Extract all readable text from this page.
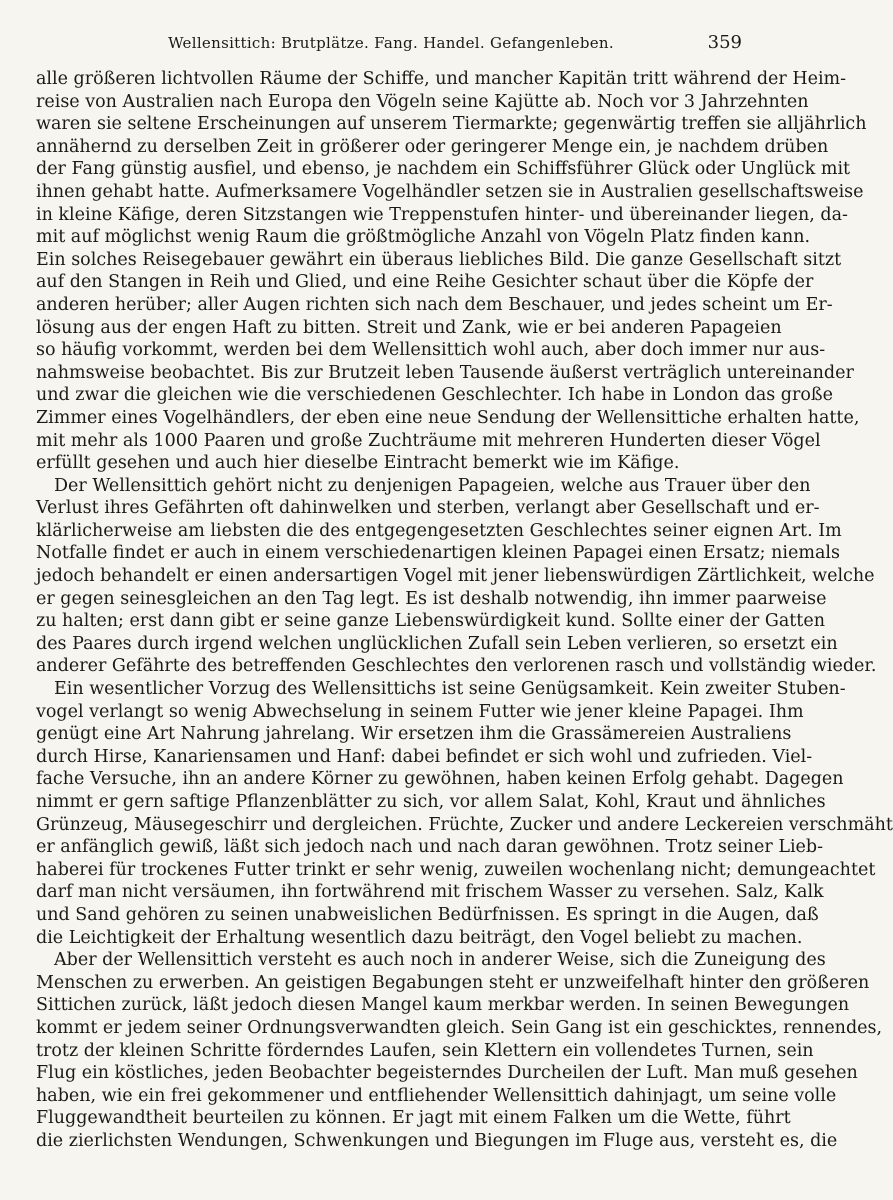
Wellensittich: Brutplätze. Fang. Handel. Gefangenleben.	359

alle größeren lichtvollen Räume der Schiffe, und mancher Kapitän tritt während der Heim-
reise von Australien nach Europa den Vögeln seine Kajütte ab. Noch vor 3 Jahrzehnten
waren sie seltene Erscheinungen auf unserem Tiermarkte; gegenwärtig treffen sie alljährlich
annähernd zu derselben Zeit in größerer oder geringerer Menge ein, je nachdem drüben
der Fang günstig ausfiel, und ebenso, je nachdem ein Schiffsführer Glück oder Unglück mit
ihnen gehabt hatte. Aufmerksamere Vogelhändler setzen sie in Australien gesellschaftsweise
in kleine Käfige, deren Sitzstangen wie Treppenstufen hinter- und übereinander liegen, da-
mit auf möglichst wenig Raum die größtmögliche Anzahl von Vögeln Platz finden kann.
Ein solches Reisegebauer gewährt ein überaus liebliches Bild. Die ganze Gesellschaft sitzt
auf den Stangen in Reih und Glied, und eine Reihe Gesichter schaut über die Köpfe der
anderen herüber; aller Augen richten sich nach dem Beschauer, und jedes scheint um Er-
lösung aus der engen Haft zu bitten. Streit und Zank, wie er bei anderen Papageien
so häufig vorkommt, werden bei dem Wellensittich wohl auch, aber doch immer nur aus-
nahmsweise beobachtet. Bis zur Brutzeit leben Tausende äußerst verträglich untereinander
und zwar die gleichen wie die verschiedenen Geschlechter. Ich habe in London das große
Zimmer eines Vogelhändlers, der eben eine neue Sendung der Wellensittiche erhalten hatte,
mit mehr als 1000 Paaren und große Zuchträume mit mehreren Hunderten dieser Vögel
erfüllt gesehen und auch hier dieselbe Eintracht bemerkt wie im Käfige.

Der Wellensittich gehört nicht zu denjenigen Papageien, welche aus Trauer über den
Verlust ihres Gefährten oft dahinwelken und sterben, verlangt aber Gesellschaft und er-
klärlicherweise am liebsten die des entgegengesetzten Geschlechtes seiner eignen Art. Im
Notfalle findet er auch in einem verschiedenartigen kleinen Papagei einen Ersatz; niemals
jedoch behandelt er einen andersartigen Vogel mit jener liebenswürdigen Zärtlichkeit, welche
er gegen seinesgleichen an den Tag legt. Es ist deshalb notwendig, ihn immer paarweise
zu halten; erst dann gibt er seine ganze Liebenswürdigkeit kund. Sollte einer der Gatten
des Paares durch irgend welchen unglücklichen Zufall sein Leben verlieren, so ersetzt ein
anderer Gefährte des betreffenden Geschlechtes den verlorenen rasch und vollständig wieder.

Ein wesentlicher Vorzug des Wellensittichs ist seine Genügsamkeit. Kein zweiter Stuben-
vogel verlangt so wenig Abwechselung in seinem Futter wie jener kleine Papagei. Ihm
genügt eine Art Nahrung jahrelang. Wir ersetzen ihm die Grassämereien Australiens
durch Hirse, Kanariensamen und Hanf: dabei befindet er sich wohl und zufrieden. Viel-
fache Versuche, ihn an andere Körner zu gewöhnen, haben keinen Erfolg gehabt. Dagegen
nimmt er gern saftige Pflanzenblätter zu sich, vor allem Salat, Kohl, Kraut und ähnliches
Grünzeug, Mäusegeschirr und dergleichen. Früchte, Zucker und andere Leckereien verschmäht
er anfänglich gewiß, läßt sich jedoch nach und nach daran gewöhnen. Trotz seiner Lieb-
haberei für trockenes Futter trinkt er sehr wenig, zuweilen wochenlang nicht; demungeachtet
darf man nicht versäumen, ihn fortwährend mit frischem Wasser zu versehen. Salz, Kalk
und Sand gehören zu seinen unabweislichen Bedürfnissen. Es springt in die Augen, daß
die Leichtigkeit der Erhaltung wesentlich dazu beiträgt, den Vogel beliebt zu machen.

Aber der Wellensittich versteht es auch noch in anderer Weise, sich die Zuneigung des
Menschen zu erwerben. An geistigen Begabungen steht er unzweifelhaft hinter den größeren
Sittichen zurück, läßt jedoch diesen Mangel kaum merkbar werden. In seinen Bewegungen
kommt er jedem seiner Ordnungsverwandten gleich. Sein Gang ist ein geschicktes, rennendes,
trotz der kleinen Schritte förderndes Laufen, sein Klettern ein vollendetes Turnen, sein
Flug ein köstliches, jeden Beobachter begeisterndes Durcheilen der Luft. Man muß gesehen
haben, wie ein frei gekommener und entfliehender Wellensittich dahinjagt, um seine volle
Fluggewandtheit beurteilen zu können. Er jagt mit einem Falken um die Wette, führt
die zierlichsten Wendungen, Schwenkungen und Biegungen im Fluge aus, versteht es, die
